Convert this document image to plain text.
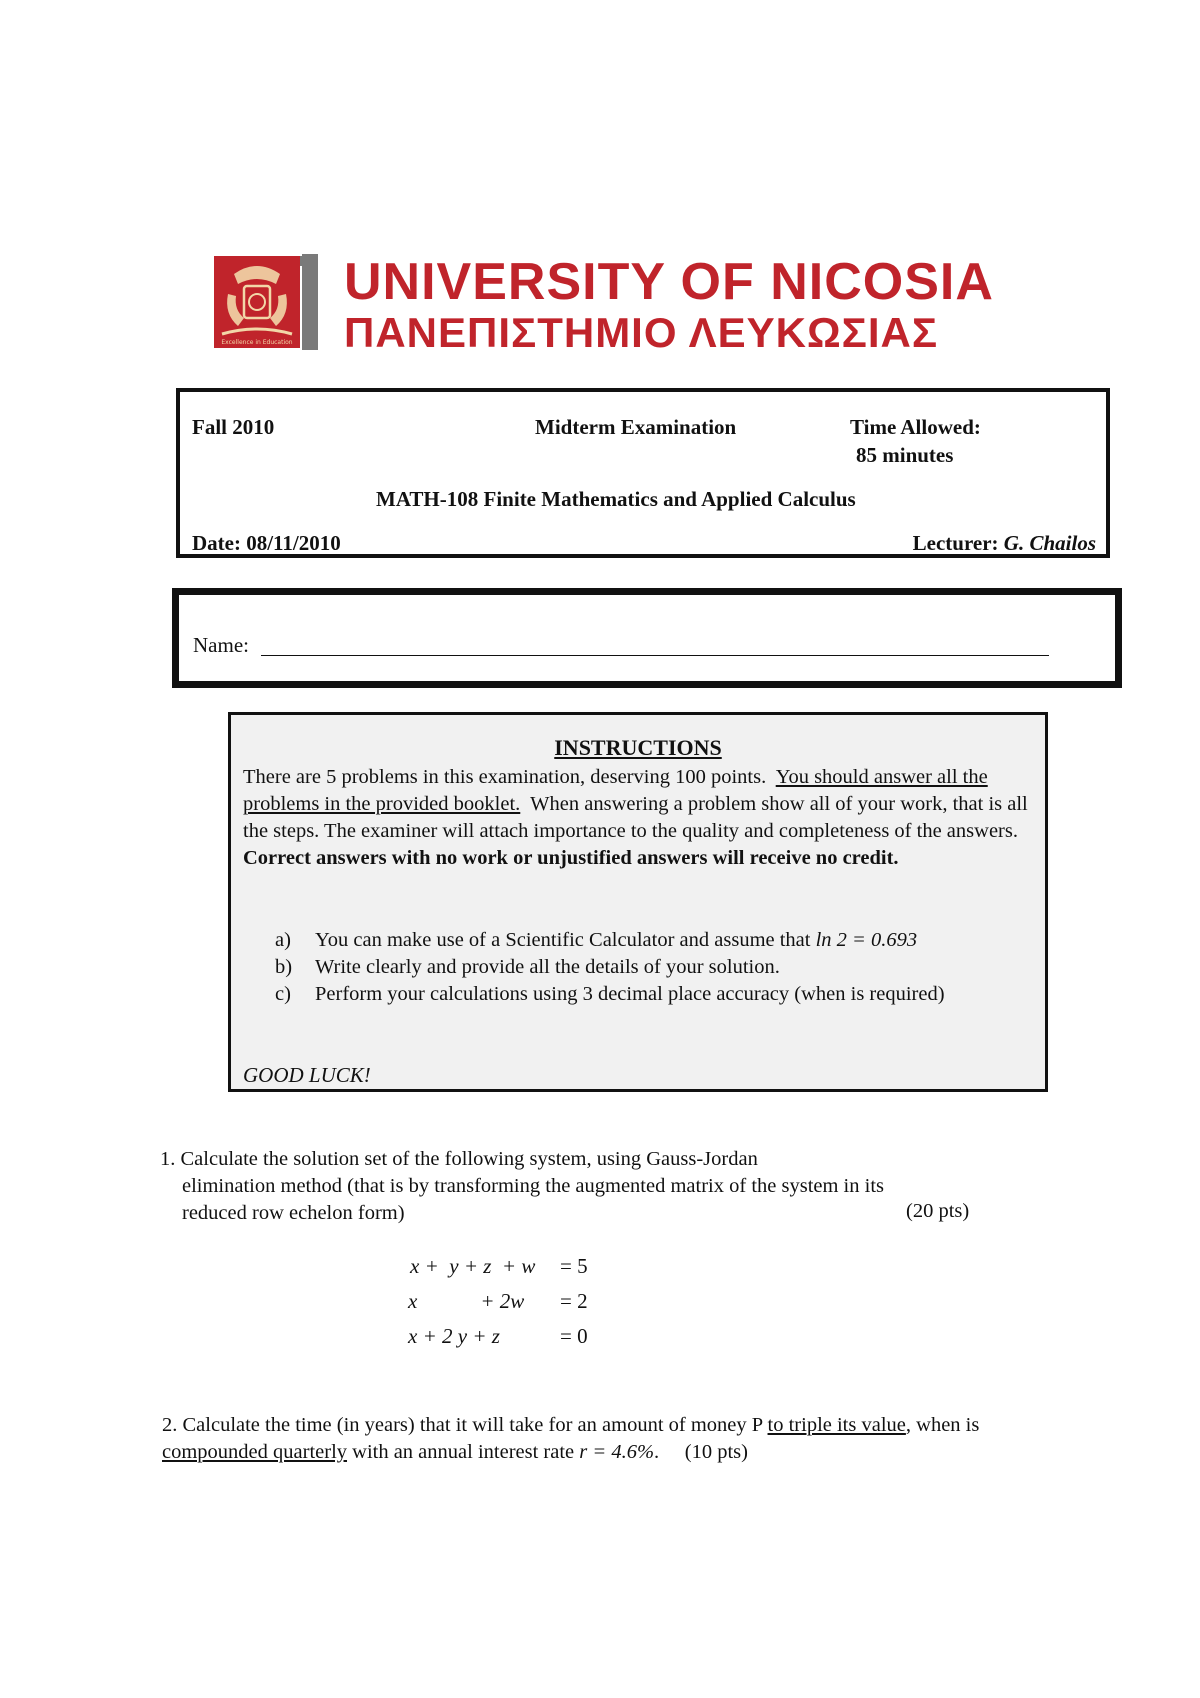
Excellence in Education
UNIVERSITY OF NICOSIA
ΠΑΝΕΠΙΣΤΗΜΙΟ ΛΕΥΚΩΣΙΑΣ
Fall 2010	Midterm Examination	Time Allowed:
85 minutes
MATH-108 Finite Mathematics and Applied Calculus
Date: 08/11/2010	Lecturer: G. Chailos
Name:
INSTRUCTIONS
There are 5 problems in this examination, deserving 100 points. You should answer all the problems in the provided booklet. When answering a problem show all of your work, that is all the steps. The examiner will attach importance to the quality and completeness of the answers.  Correct answers with no work or unjustified answers will receive no credit.
a) You can make use of a Scientific Calculator and assume that ln 2 = 0.693
b) Write clearly and provide all the details of your solution.
c) Perform your calculations using 3 decimal place accuracy (when is required)
GOOD LUCK!
1. Calculate the solution set of the following system, using Gauss-Jordan
elimination method (that is by transforming the augmented matrix of the system in its
reduced row echelon form)	(20 pts)
x +  y + z  + w = 5
x            + 2w = 2
x + 2 y + z	= 0
2. Calculate the time (in years) that it will take for an amount of money P to triple its value, when is compounded quarterly with an annual interest rate r = 4.6%.     (10 pts)
